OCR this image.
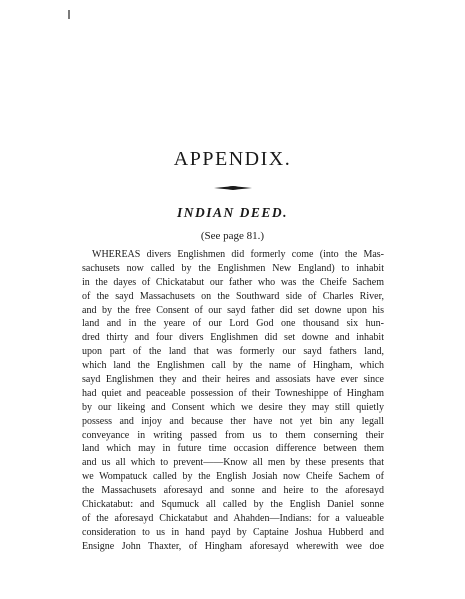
APPENDIX.
INDIAN DEED.
(See page 81.)
WHEREAS divers Englishmen did formerly come (into the Mas-
sachusets now called by the Englishmen New England) to inhabit
in the dayes of Chickatabut our father who was the Cheife Sachem
of the sayd Massachusets on the Southward side of Charles River,
and by the free Consent of our sayd father did set downe upon his
land and in the yeare of our Lord God one thousand six hun-
dred thirty and four divers Englishmen did set downe and inhabit
upon part of the land that was formerly our sayd fathers land,
which land the Englishmen call by the name of Hingham, which
sayd Englishmen they and their heires and assosiats have ever since
had quiet and peaceable possession of their Towneshippe of Hingham
by our likeing and Consent which we desire they may still quietly
possess and injoy and because ther have not yet bin any legall
conveyance in writing passed from us to them conserning their
land which may in future time occasion difference between them
and us all which to prevent——Know all men by these presents that
we Wompatuck called by the English Josiah now Cheife Sachem of
the Massachusets aforesayd and sonne and heire to the aforesayd
Chickatabut: and Squmuck all called by the English Daniel sonne
of the aforesayd Chickatabut and Ahahden—Indians: for a valueable
consideration to us in hand payd by Captaine Joshua Hubberd and
Ensigne John Thaxter, of Hingham aforesayd wherewith wee doe
